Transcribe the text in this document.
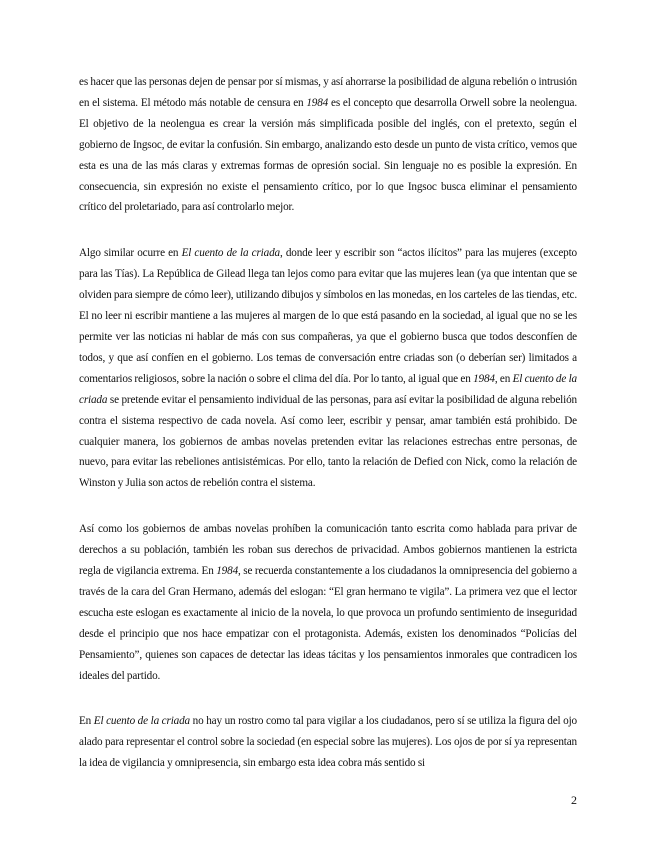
es hacer que las personas dejen de pensar por sí mismas, y así ahorrarse la posibilidad de alguna rebelión o intrusión en el sistema. El método más notable de censura en 1984 es el concepto que desarrolla Orwell sobre la neolengua. El objetivo de la neolengua es crear la versión más simplificada posible del inglés, con el pretexto, según el gobierno de Ingsoc, de evitar la confusión. Sin embargo, analizando esto desde un punto de vista crítico, vemos que esta es una de las más claras y extremas formas de opresión social. Sin lenguaje no es posible la expresión. En consecuencia, sin expresión no existe el pensamiento crítico, por lo que Ingsoc busca eliminar el pensamiento crítico del proletariado, para así controlarlo mejor.

Algo similar ocurre en El cuento de la criada, donde leer y escribir son “actos ilícitos” para las mujeres (excepto para las Tías). La República de Gilead llega tan lejos como para evitar que las mujeres lean (ya que intentan que se olviden para siempre de cómo leer), utilizando dibujos y símbolos en las monedas, en los carteles de las tiendas, etc. El no leer ni escribir mantiene a las mujeres al margen de lo que está pasando en la sociedad, al igual que no se les permite ver las noticias ni hablar de más con sus compañeras, ya que el gobierno busca que todos desconfíen de todos, y que así confíen en el gobierno. Los temas de conversación entre criadas son (o deberían ser) limitados a comentarios religiosos, sobre la nación o sobre el clima del día. Por lo tanto, al igual que en 1984, en El cuento de la criada se pretende evitar el pensamiento individual de las personas, para así evitar la posibilidad de alguna rebelión contra el sistema respectivo de cada novela. Así como leer, escribir y pensar, amar también está prohibido. De cualquier manera, los gobiernos de ambas novelas pretenden evitar las relaciones estrechas entre personas, de nuevo, para evitar las rebeliones antisistémicas. Por ello, tanto la relación de Defied con Nick, como la relación de Winston y Julia son actos de rebelión contra el sistema.

Así como los gobiernos de ambas novelas prohíben la comunicación tanto escrita como hablada para privar de derechos a su población, también les roban sus derechos de privacidad. Ambos gobiernos mantienen la estricta regla de vigilancia extrema. En 1984, se recuerda constantemente a los ciudadanos la omnipresencia del gobierno a través de la cara del Gran Hermano, además del eslogan: “El gran hermano te vigila”. La primera vez que el lector escucha este eslogan es exactamente al inicio de la novela, lo que provoca un profundo sentimiento de inseguridad desde el principio que nos hace empatizar con el protagonista. Además, existen los denominados “Policías del Pensamiento”, quienes son capaces de detectar las ideas tácitas y los pensamientos inmorales que contradicen los ideales del partido.

En El cuento de la criada no hay un rostro como tal para vigilar a los ciudadanos, pero sí se utiliza la figura del ojo alado para representar el control sobre la sociedad (en especial sobre las mujeres). Los ojos de por sí ya representan la idea de vigilancia y omnipresencia, sin embargo esta idea cobra más sentido si

2
